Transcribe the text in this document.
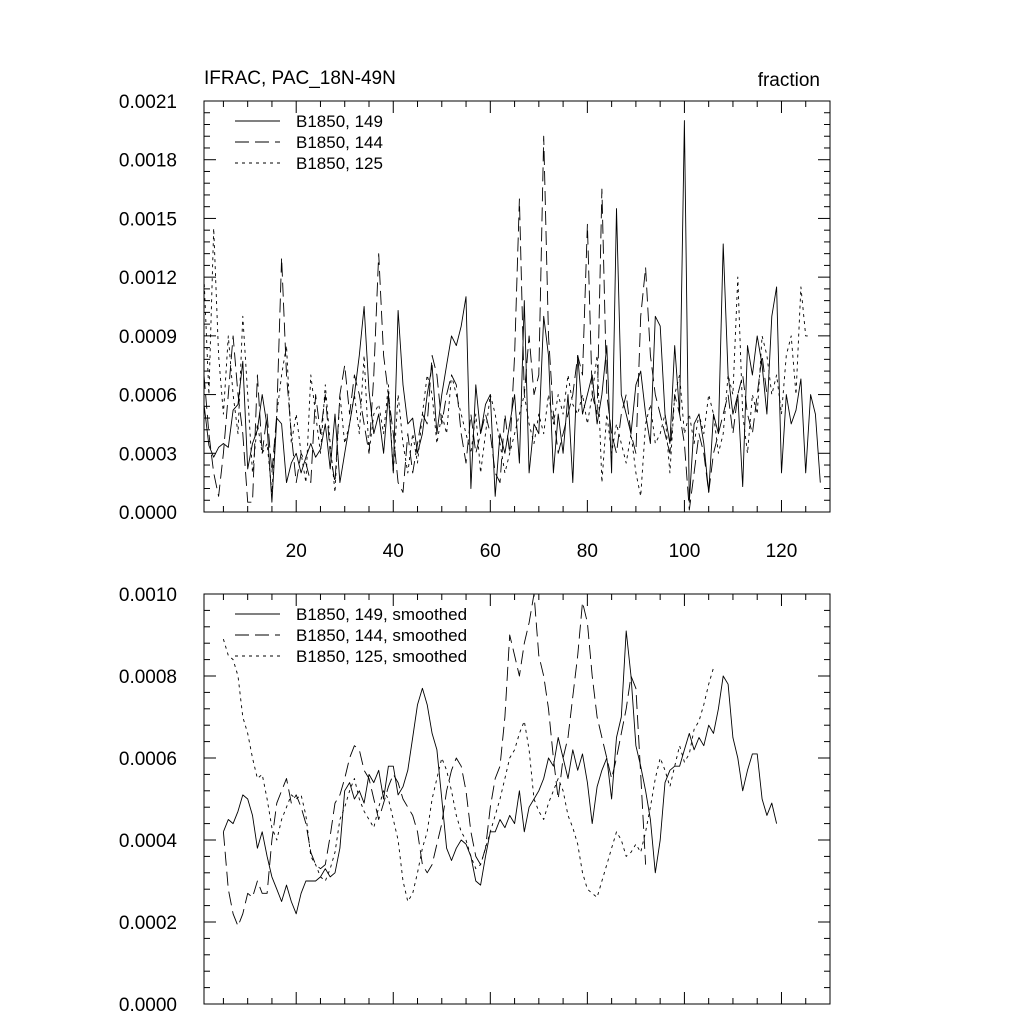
IFRAC, PAC_18N-49N	fraction
20	40	60	80	100	120
0.0000
0.0003
0.0006
0.0009
0.0012
0.0015
0.0018
0.0021
B1850, 149
B1850, 144
B1850, 125
0.0000
0.0002
0.0004
0.0006
0.0008
0.0010
B1850, 149, smoothed
B1850, 144, smoothed
B1850, 125, smoothed
